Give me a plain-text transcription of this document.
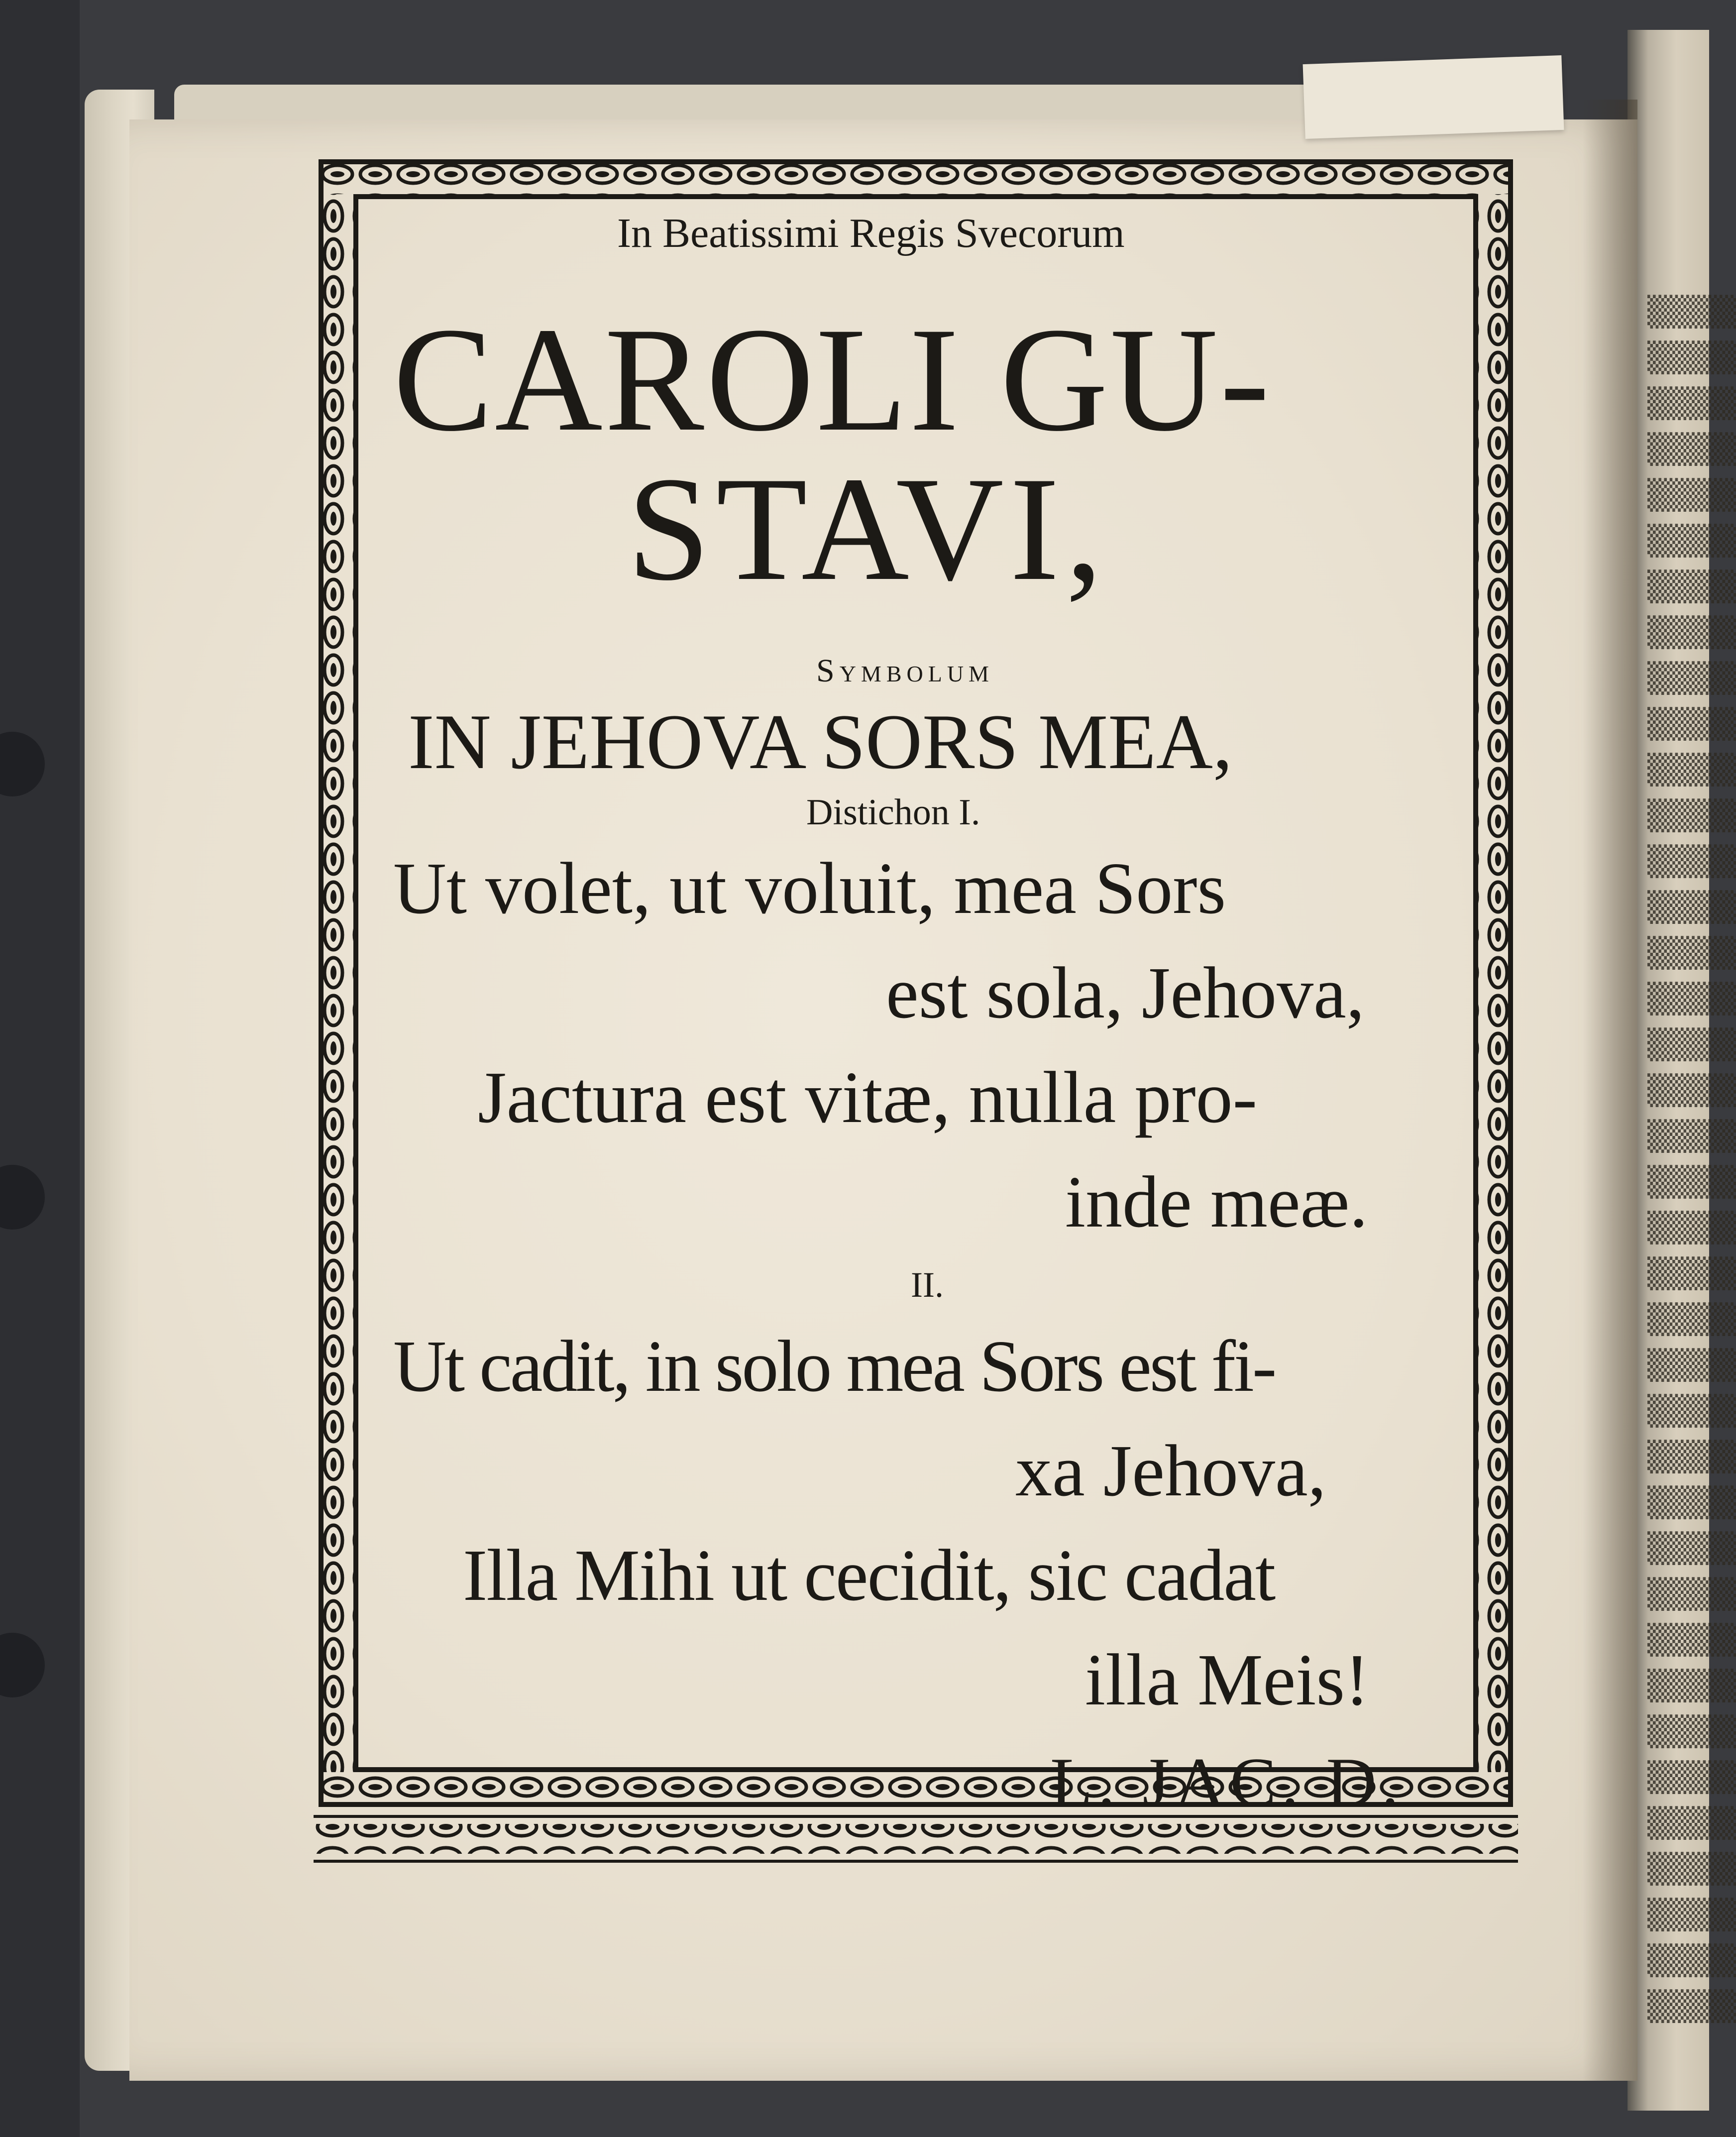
▒▒▒▒
▒▒▒▒
▒▒▒▒
▒▒▒▒
▒▒▒▒
▒▒▒▒
▒▒▒▒
▒▒▒▒
▒▒▒▒
▒▒▒▒
▒▒▒▒
▒▒▒▒
▒▒▒▒
▒▒▒▒
▒▒▒▒
▒▒▒▒
▒▒▒▒
▒▒▒▒
▒▒▒▒
▒▒▒▒
▒▒▒▒
▒▒▒▒
▒▒▒▒
▒▒▒▒
▒▒▒▒
▒▒▒▒
▒▒▒▒
▒▒▒▒
▒▒▒▒
▒▒▒▒
▒▒▒▒
▒▒▒▒
▒▒▒▒
▒▒▒▒
▒▒▒▒
▒▒▒▒
▒▒▒▒
▒▒▒▒
In Beatissimi Regis Svecorum
CAROLI GU-
STAVI,
Symbolum
IN JEHOVA SORS MEA,
Distichon I.
Ut volet, ut voluit, mea Sors
est sola, Jehova,
Jactura est vitæ, nulla pro-
inde meæ.
II.
Ut cadit, in solo mea Sors est fi-
xa Jehova,
Illa Mihi ut cecidit, sic cadat
illa Meis!
L. JAC. D.
